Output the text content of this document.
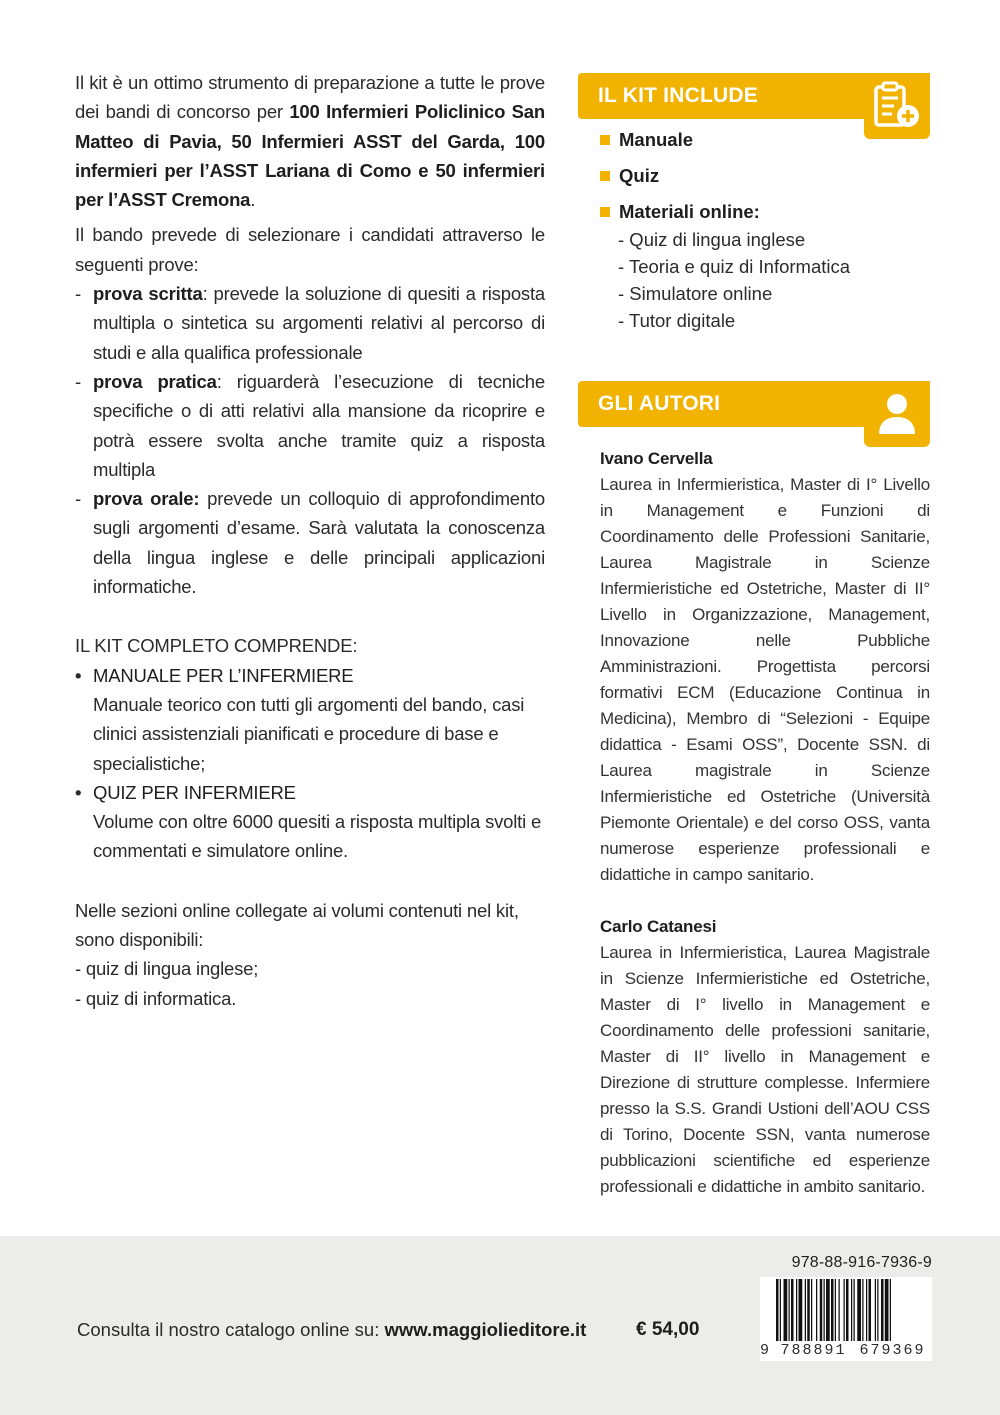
Il kit è un ottimo strumento di preparazione a tutte le prove dei bandi di concorso per 100 Infermieri Policlinico San Matteo di Pavia, 50 Infermieri ASST del Garda, 100 infermieri per l’ASST Lariana di Como e 50 infermieri per l’ASST Cremona.

Il bando prevede di selezionare i candidati attraverso le seguenti prove:

- prova scritta: prevede la soluzione di quesiti a risposta multipla o sintetica su argomenti relativi al percorso di studi e alla qualifica professionale
- prova pratica: riguarderà l’esecuzione di tecniche specifiche o di atti relativi alla mansione da ricoprire e potrà essere svolta anche tramite quiz a risposta multipla
- prova orale: prevede un colloquio di approfondimento sugli argomenti d’esame. Sarà valutata la conoscenza della lingua inglese e delle principali applicazioni informatiche.

IL KIT COMPLETO COMPRENDE:

• MANUALE PER L’INFERMIERE
Manuale teorico con tutti gli argomenti del bando, casi clinici assistenziali pianificati e procedure di base e specialistiche;
• QUIZ PER INFERMIERE
Volume con oltre 6000 quesiti a risposta multipla svolti e commentati e simulatore online.

Nelle sezioni online collegate ai volumi contenuti nel kit, sono disponibili:

- quiz di lingua inglese;

- quiz di informatica.

IL KIT INCLUDE
Manuale
Quiz
Materiali online:
- Quiz di lingua inglese
- Teoria e quiz di Informatica
- Simulatore online
- Tutor digitale
GLI AUTORI
Ivano Cervella
Laurea in Infermieristica, Master di I° Livello in Management e Funzioni di Coordinamento delle Professioni Sanitarie, Laurea Magistrale in Scienze Infermieristiche ed Ostetriche, Master di II° Livello in Organizzazione, Management, Innovazione nelle Pubbliche Amministrazioni. Progettista percorsi formativi ECM (Educazione Continua in Medicina), Membro di “Selezioni - Equipe didattica - Esami OSS”, Docente SSN. di Laurea magistrale in Scienze Infermieristiche ed Ostetriche (Università Piemonte Orientale) e del corso OSS, vanta numerose esperienze professionali e didattiche in campo sanitario.
Carlo Catanesi
Laurea in Infermieristica, Laurea Magistrale in Scienze Infermieristiche ed Ostetriche, Master di I° livello in Management e Coordinamento delle professioni sanitarie, Master di II° livello in Management e Direzione di strutture complesse. Infermiere presso la S.S. Grandi Ustioni dell’AOU CSS di Torino, Docente SSN, vanta numerose pubblicazioni scientifiche ed esperienze professionali e didattiche in ambito sanitario.
Consulta il nostro catalogo online su: www.maggiolieditore.it	€ 54,00
978-88-916-7936-9
9 788891 679369
